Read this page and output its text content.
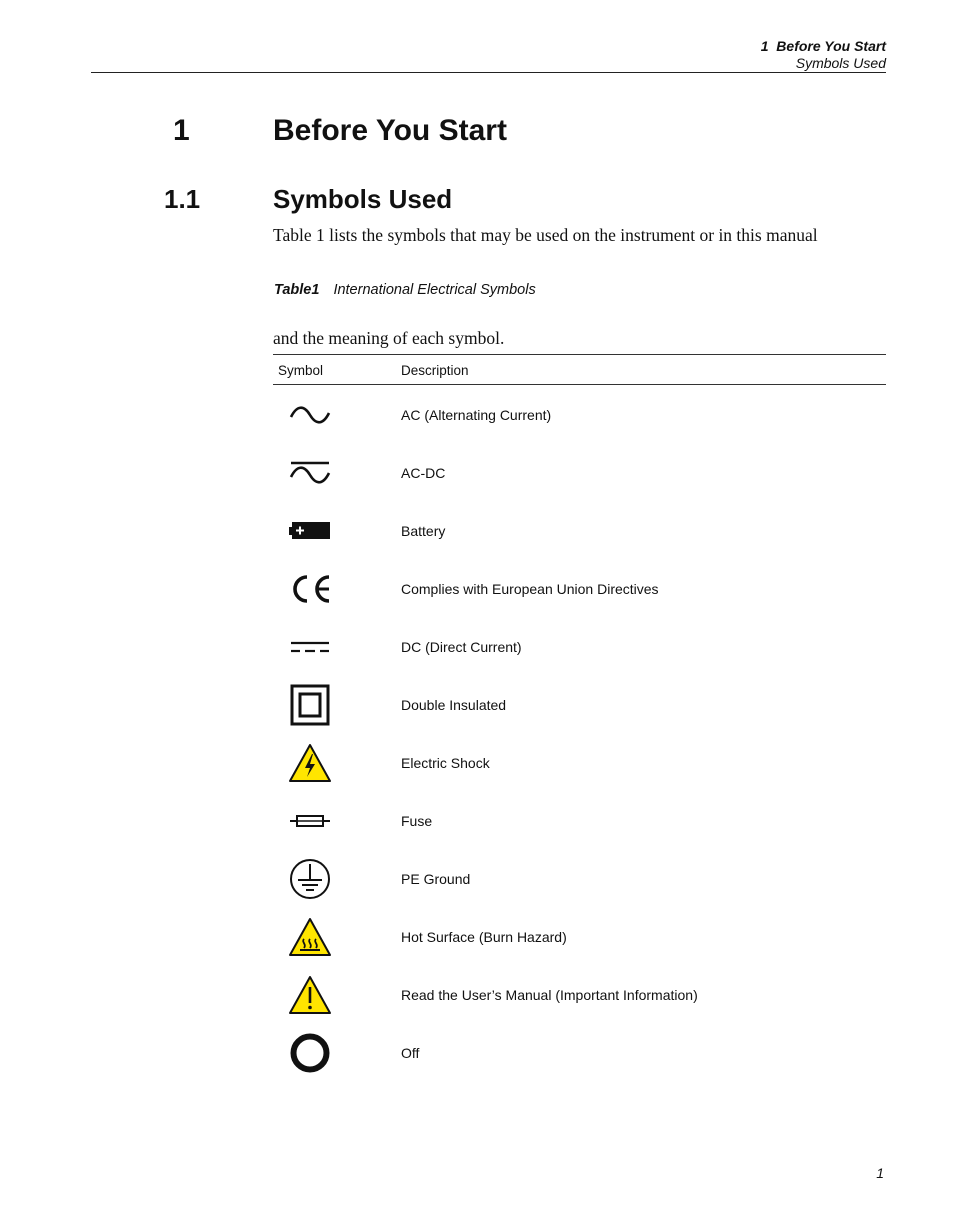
1  Before You Start
Symbols Used
1	Before You Start
1.1	Symbols Used
Table 1 lists the symbols that may be used on the instrument or in this manual
Table1 International Electrical Symbols
and the meaning of each symbol.
Symbol	Description
AC (Alternating Current)
AC-DC
Battery
Complies with European Union Directives
DC (Direct Current)
Double Insulated
Electric Shock
Fuse
PE Ground
Hot Surface (Burn Hazard)
Read the User’s Manual (Important Information)
Off
1
